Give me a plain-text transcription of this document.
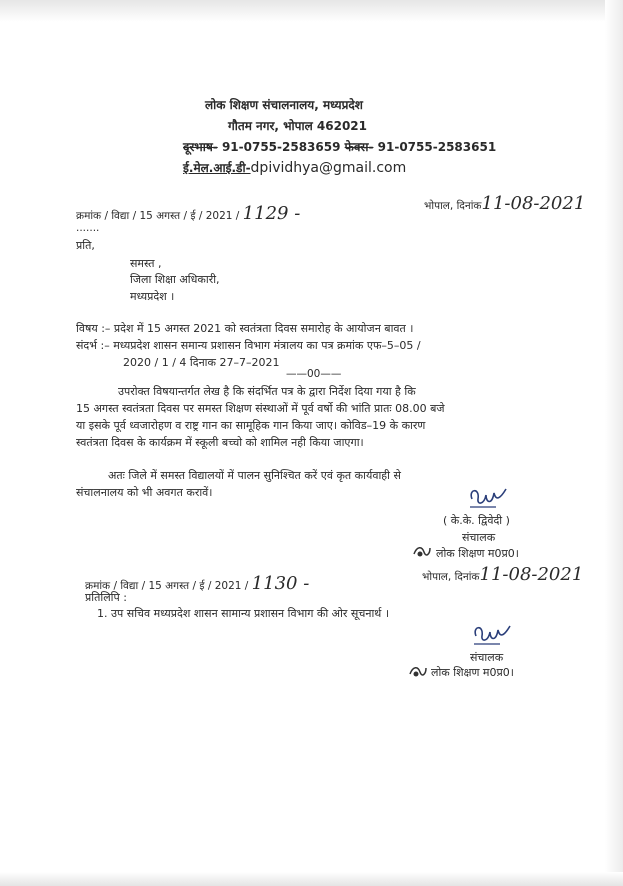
लोक शिक्षण संचालनालय, मध्यप्रदेश
गौतम नगर, भोपाल 462021
दूरभाष- 91-0755-2583659 फेक्स- 91-0755-2583651
ई.मेल.आई.डी-dpividhya@gmail.com
क्रमांक / विद्या / 15 अगस्त / ई / 2021 / 1129 -	भोपाल, दिनांक11-08-2021
.......
प्रति,
समस्त ,
जिला शिक्षा अधिकारी,
मध्यप्रदेश ।
विषय :– प्रदेश में 15 अगस्त 2021 को स्वतंत्रता दिवस समारोह के आयोजन बावत ।
संदर्भ :– मध्यप्रदेश शासन समान्य प्रशासन विभाग मंत्रालय का पत्र क्रमांक एफ–5–05 /
2020 / 1 / 4 दिनाक 27–7–2021
——00——
उपरोक्त विषयान्तर्गत लेख है कि संदर्भित पत्र के द्वारा निर्देश दिया गया है कि
15 अगस्त स्वतंत्रता दिवस पर समस्त शिक्षण संस्थाओं में पूर्व वर्षो की भांति प्रातः 08.00 बजे
या इसके पूर्व ध्वजारोहण व राष्ट्र गान का सामूहिक गान किया जाए। कोविड–19 के कारण
स्वतंत्रता दिवस के कार्यक्रम में स्कूली बच्चो को शामिल नही किया जाएगा।
अतः जिले में समस्त विद्यालयों में पालन सुनिश्चित करें एवं कृत कार्यवाही से
संचालनालय को भी अवगत करावें।
( के.के. द्विवेदी )
संचालक
लोक शिक्षण म0प्र0।
भोपाल, दिनांक11-08-2021
क्रमांक / विद्या / 15 अगस्त / ई / 2021 / 1130 -
प्रतिलिपि :
1. उप सचिव मध्यप्रदेश शासन सामान्य प्रशासन विभाग की ओर सूचनार्थ ।
संचालक
लोक शिक्षण म0प्र0।
